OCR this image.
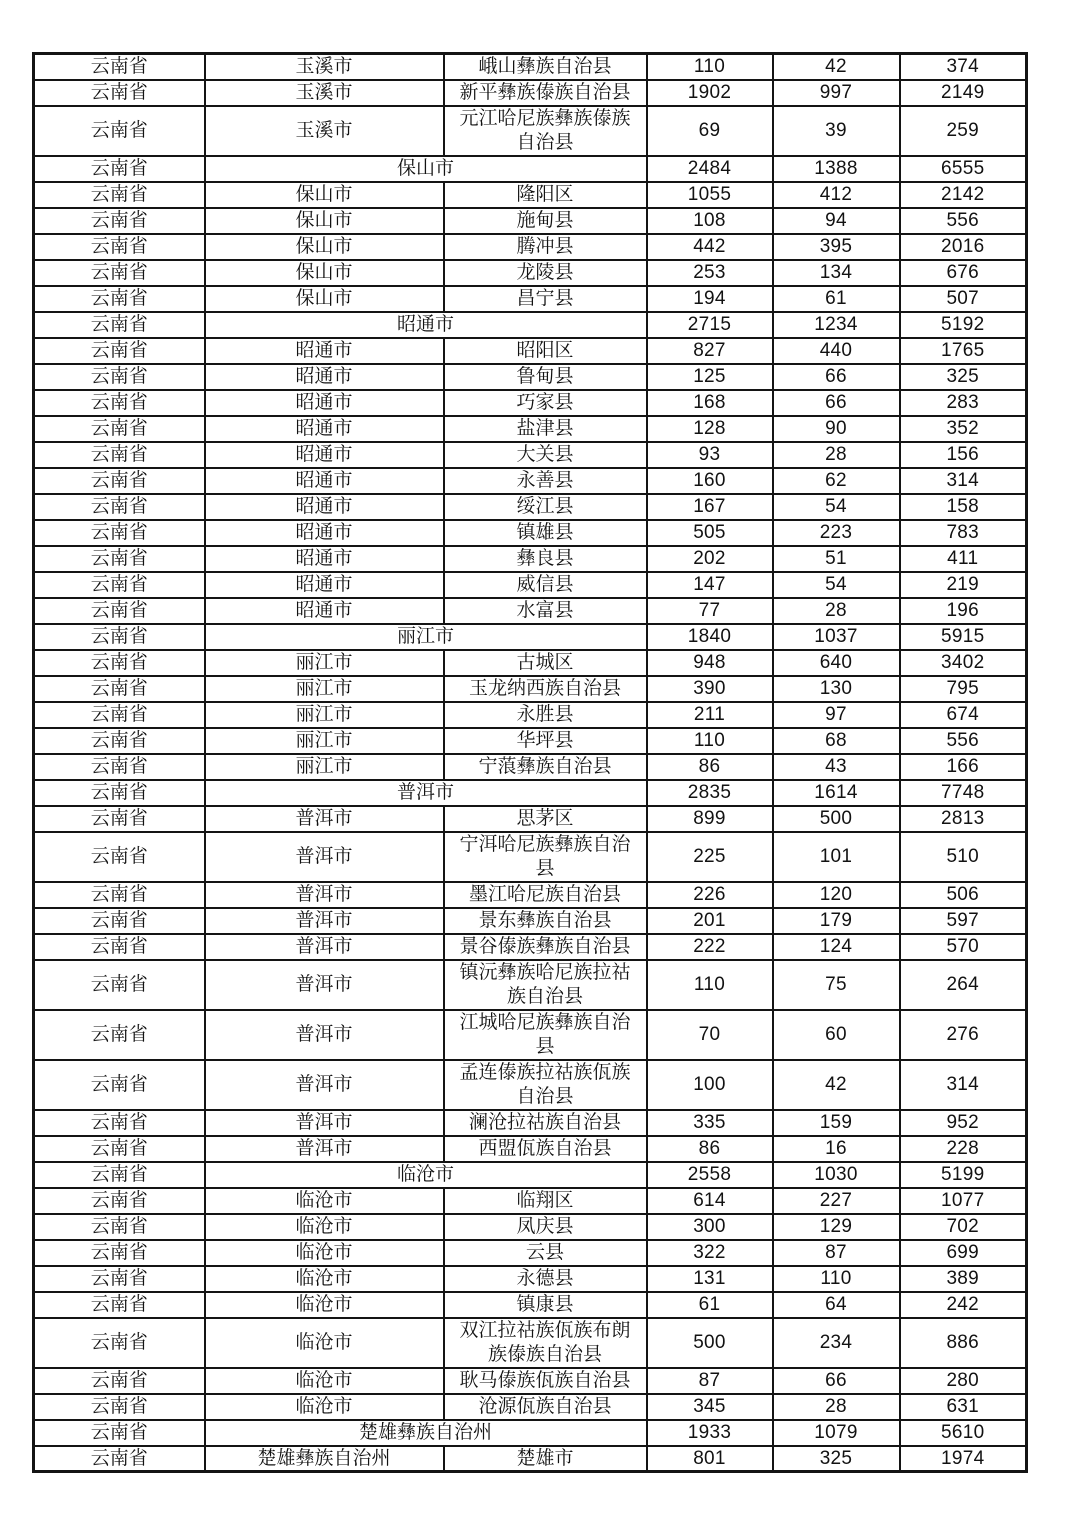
云南省	玉溪市	峨山彝族自治县	110	42	374
云南省	玉溪市	新平彝族傣族自治县	1902	997	2149
云南省	玉溪市	元江哈尼族彝族傣族自治县	69	39	259
云南省	保山市		2484	1388	6555
云南省	保山市	隆阳区	1055	412	2142
云南省	保山市	施甸县	108	94	556
云南省	保山市	腾冲县	442	395	2016
云南省	保山市	龙陵县	253	134	676
云南省	保山市	昌宁县	194	61	507
云南省	昭通市		2715	1234	5192
云南省	昭通市	昭阳区	827	440	1765
云南省	昭通市	鲁甸县	125	66	325
云南省	昭通市	巧家县	168	66	283
云南省	昭通市	盐津县	128	90	352
云南省	昭通市	大关县	93	28	156
云南省	昭通市	永善县	160	62	314
云南省	昭通市	绥江县	167	54	158
云南省	昭通市	镇雄县	505	223	783
云南省	昭通市	彝良县	202	51	411
云南省	昭通市	威信县	147	54	219
云南省	昭通市	水富县	77	28	196
云南省	丽江市		1840	1037	5915
云南省	丽江市	古城区	948	640	3402
云南省	丽江市	玉龙纳西族自治县	390	130	795
云南省	丽江市	永胜县	211	97	674
云南省	丽江市	华坪县	110	68	556
云南省	丽江市	宁蒗彝族自治县	86	43	166
云南省	普洱市		2835	1614	7748
云南省	普洱市	思茅区	899	500	2813
云南省	普洱市	宁洱哈尼族彝族自治县	225	101	510
云南省	普洱市	墨江哈尼族自治县	226	120	506
云南省	普洱市	景东彝族自治县	201	179	597
云南省	普洱市	景谷傣族彝族自治县	222	124	570
云南省	普洱市	镇沅彝族哈尼族拉祜族自治县	110	75	264
云南省	普洱市	江城哈尼族彝族自治县	70	60	276
云南省	普洱市	孟连傣族拉祜族佤族自治县	100	42	314
云南省	普洱市	澜沧拉祜族自治县	335	159	952
云南省	普洱市	西盟佤族自治县	86	16	228
云南省	临沧市		2558	1030	5199
云南省	临沧市	临翔区	614	227	1077
云南省	临沧市	凤庆县	300	129	702
云南省	临沧市	云县	322	87	699
云南省	临沧市	永德县	131	110	389
云南省	临沧市	镇康县	61	64	242
云南省	临沧市	双江拉祜族佤族布朗族傣族自治县	500	234	886
云南省	临沧市	耿马傣族佤族自治县	87	66	280
云南省	临沧市	沧源佤族自治县	345	28	631
云南省	楚雄彝族自治州		1933	1079	5610
云南省	楚雄彝族自治州	楚雄市	801	325	1974
